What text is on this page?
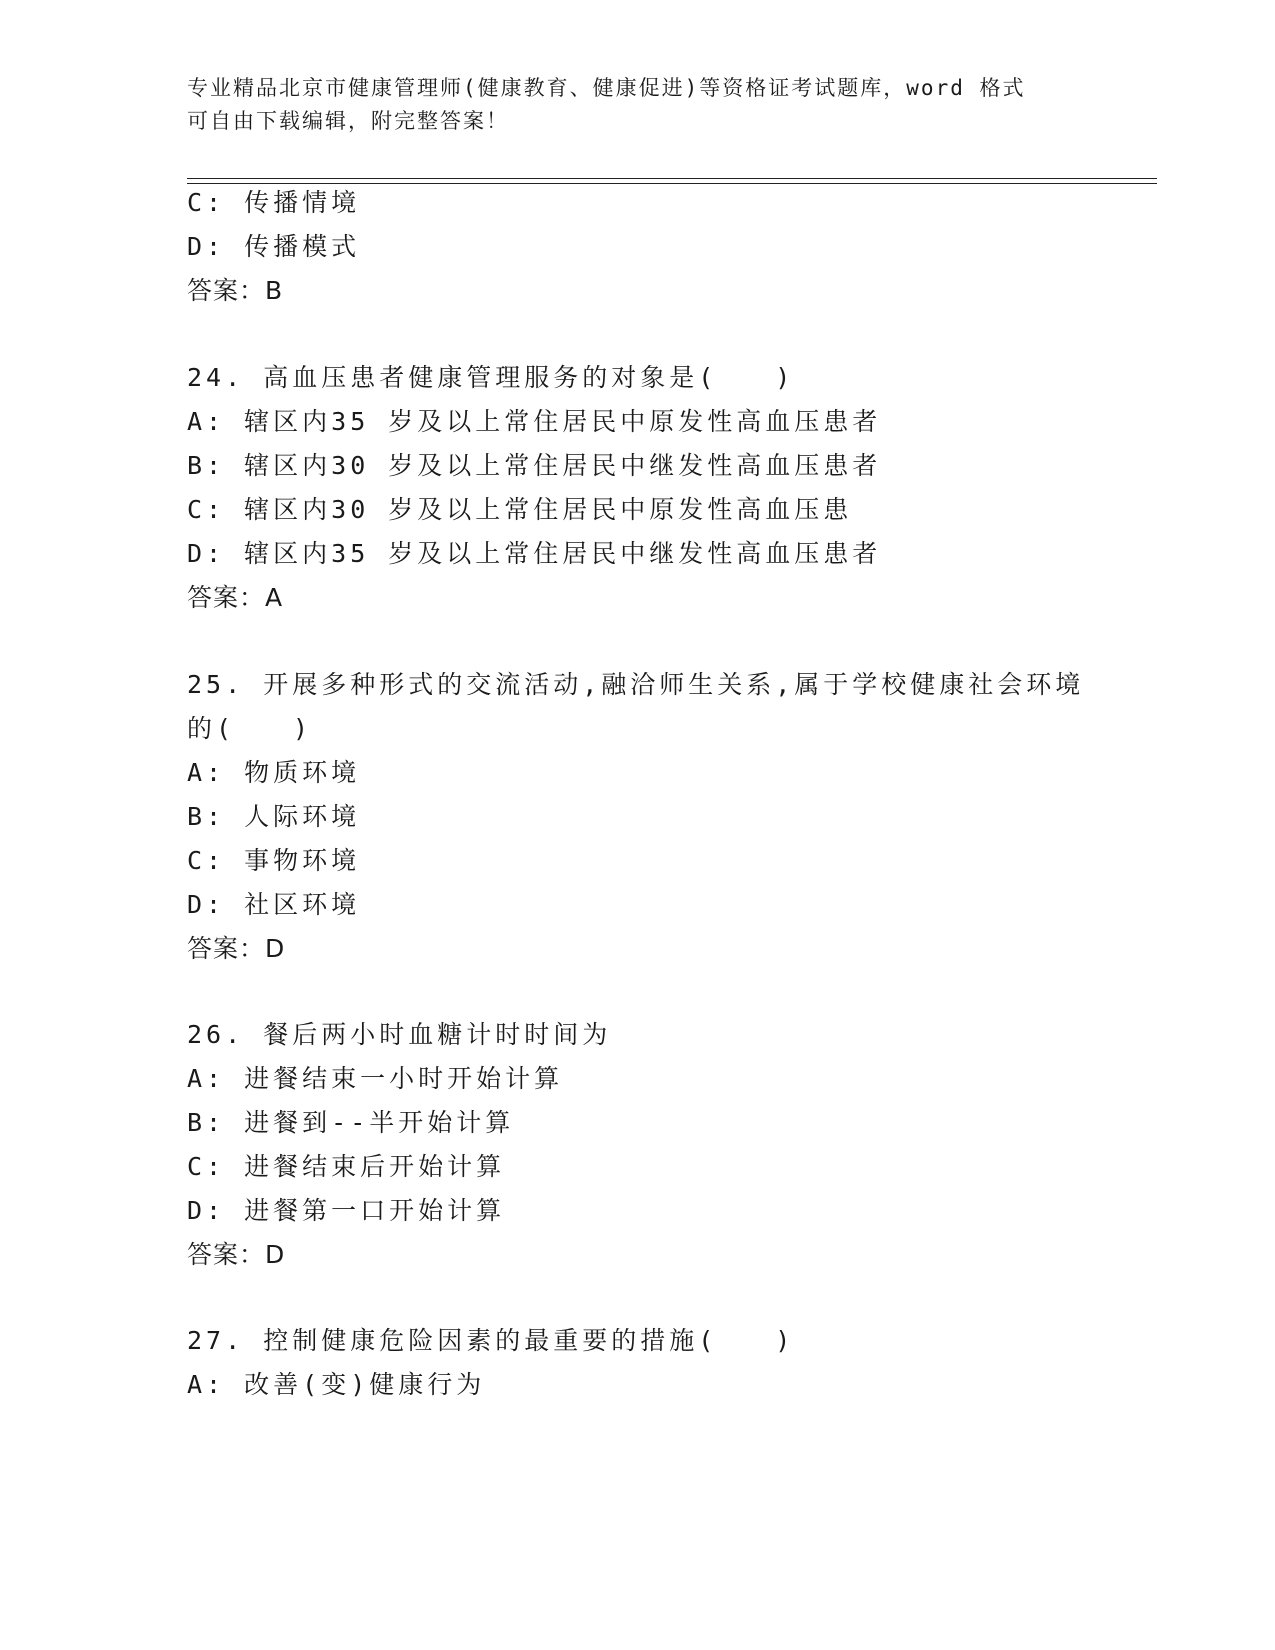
专业精品北京市健康管理师(健康教育、健康促进)等资格证考试题库，word 格式
可自由下载编辑，附完整答案！
C: 传播情境
D: 传播模式
答案：B
24. 高血压患者健康管理服务的对象是(　　)
A: 辖区内35 岁及以上常住居民中原发性高血压患者
B: 辖区内30 岁及以上常住居民中继发性高血压患者
C: 辖区内30 岁及以上常住居民中原发性高血压患
D: 辖区内35 岁及以上常住居民中继发性高血压患者
答案：A
25. 开展多种形式的交流活动,融洽师生关系,属于学校健康社会环境
的(　　)
A: 物质环境
B: 人际环境
C: 事物环境
D: 社区环境
答案：D
26. 餐后两小时血糖计时时间为
A: 进餐结束一小时开始计算
B: 进餐到--半开始计算
C: 进餐结束后开始计算
D: 进餐第一口开始计算
答案：D
27. 控制健康危险因素的最重要的措施(　　)
A: 改善(变)健康行为
